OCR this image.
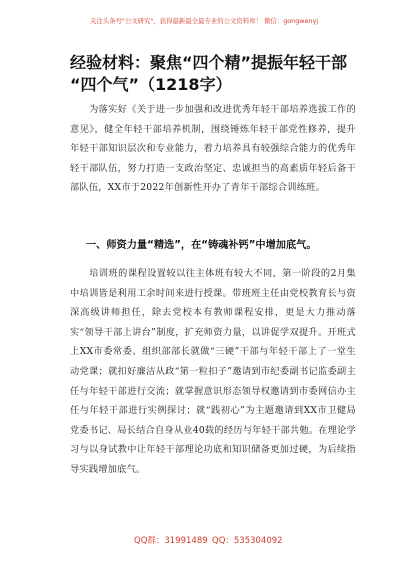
关注头条号"公文研究"，获得最新最全最专业的公文资料库！ 微信：gongwenyj
经验材料：聚焦“四个精”提振年轻干部
“四个气”（1218字）

为落实好《关于进一步加强和改进优秀年轻干部培养选拔工作的意见》，健全年轻干部培养机制，围绕锤炼年轻干部党性修养，提升年轻干部知识层次和专业能力，着力培养具有较强综合能力的优秀年轻干部队伍，努力打造一支政治坚定、忠诚担当的高素质年轻后备干部队伍，XX市于2022年创新性开办了青年干部综合训练班。

一、师资力量“精选”，在“铸魂补钙”中增加底气。

培训班的课程设置较以往主体班有较大不同，第一阶段的2月集中培训皆是利用工余时间来进行授课。带班班主任由党校教育长与资深高级讲师担任，除去党校本有教师课程安排，更是大力推动落实“领导干部上讲台”制度，扩充师资力量，以讲促学双提升。开班式上XX市委常委、组织部部长就做“三硬”干部与年轻干部上了一堂生动党课；就扣好廉洁从政“第一粒扣子”邀请到市纪委副书记监委副主任与年轻干部进行交流；就掌握意识形态领导权邀请到市委网信办主任与年轻干部进行实例探讨；就“践初心”为主题邀请到XX市卫健局党委书记、局长结合自身从业40载的经历与年轻干部共勉。在理论学习与以身试教中让年轻干部理论功底和知识储备更加过硬，为后续指导实践增加底气。

QQ群：31991489 QQ：535304092
